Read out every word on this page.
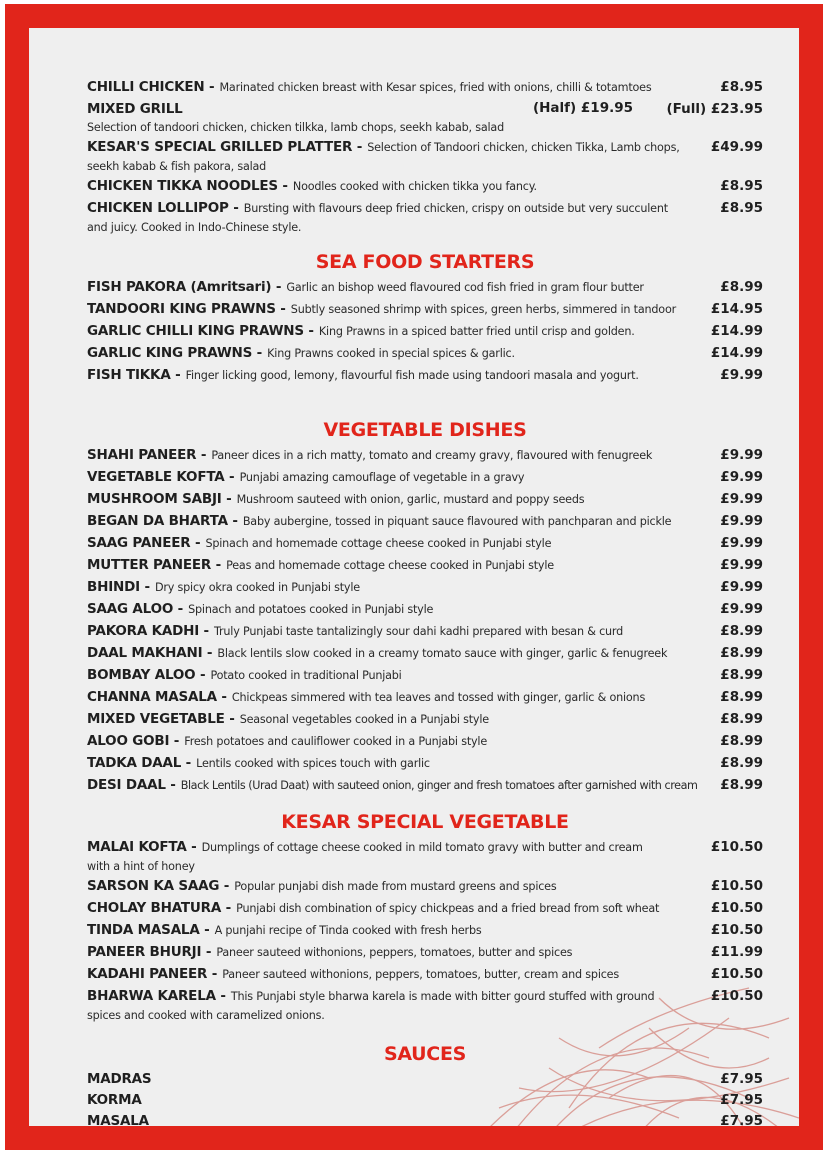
CHILLI CHICKEN - Marinated chicken breast with Kesar spices, fried with onions, chilli & totamtoes	£8.95
MIXED GRILL	(Half) £19.95 (Full) £23.95
Selection of tandoori chicken, chicken tilkka, lamb chops, seekh kabab, salad
KESAR'S SPECIAL GRILLED PLATTER - Selection of Tandoori chicken, chicken Tikka, Lamb chops,	£49.99
seekh kabab & fish pakora, salad
CHICKEN TIKKA NOODLES - Noodles cooked with chicken tikka you fancy.	£8.95
CHICKEN LOLLIPOP - Bursting with flavours deep fried chicken, crispy on outside but very succulent	£8.95
and juicy. Cooked in Indo-Chinese style.
SEA FOOD STARTERS
FISH PAKORA (Amritsari) - Garlic an bishop weed flavoured cod fish fried in gram flour butter	£8.99
TANDOORI KING PRAWNS - Subtly seasoned shrimp with spices, green herbs, simmered in tandoor	£14.95
GARLIC CHILLI KING PRAWNS - King Prawns in a spiced batter fried until crisp and golden.	£14.99
GARLIC KING PRAWNS - King Prawns cooked in special spices & garlic.	£14.99
FISH TIKKA - Finger licking good, lemony, flavourful fish made using tandoori masala and yogurt.	£9.99
VEGETABLE DISHES
SHAHI PANEER - Paneer dices in a rich matty, tomato and creamy gravy, flavoured with fenugreek	£9.99
VEGETABLE KOFTA - Punjabi amazing camouflage of vegetable in a gravy	£9.99
MUSHROOM SABJI - Mushroom sauteed with onion, garlic, mustard and poppy seeds	£9.99
BEGAN DA BHARTA - Baby aubergine, tossed in piquant sauce flavoured with panchparan and pickle	£9.99
SAAG PANEER - Spinach and homemade cottage cheese cooked in Punjabi style	£9.99
MUTTER PANEER - Peas and homemade cottage cheese cooked in Punjabi style	£9.99
BHINDI - Dry spicy okra cooked in Punjabi style	£9.99
SAAG ALOO - Spinach and potatoes cooked in Punjabi style	£9.99
PAKORA KADHI - Truly Punjabi taste tantalizingly sour dahi kadhi prepared with besan & curd	£8.99
DAAL MAKHANI - Black lentils slow cooked in a creamy tomato sauce with ginger, garlic & fenugreek	£8.99
BOMBAY ALOO - Potato cooked in traditional Punjabi	£8.99
CHANNA MASALA - Chickpeas simmered with tea leaves and tossed with ginger, garlic & onions	£8.99
MIXED VEGETABLE - Seasonal vegetables cooked in a Punjabi style	£8.99
ALOO GOBI - Fresh potatoes and cauliflower cooked in a Punjabi style	£8.99
TADKA DAAL - Lentils cooked with spices touch with garlic	£8.99
DESI DAAL - Black Lentils (Urad Daat) with sauteed onion, ginger and fresh tomatoes after garnished with cream	£8.99
KESAR SPECIAL VEGETABLE
MALAI KOFTA - Dumplings of cottage cheese cooked in mild tomato gravy with butter and cream	£10.50
with a hint of honey
SARSON KA SAAG - Popular punjabi dish made from mustard greens and spices	£10.50
CHOLAY BHATURA - Punjabi dish combination of spicy chickpeas and a fried bread from soft wheat	£10.50
TINDA MASALA - A punjahi recipe of Tinda cooked with fresh herbs	£10.50
PANEER BHURJI - Paneer sauteed withonions, peppers, tomatoes, butter and spices	£11.99
KADAHI PANEER - Paneer sauteed withonions, peppers, tomatoes, butter, cream and spices	£10.50
BHARWA KARELA - This Punjabi style bharwa karela is made with bitter gourd stuffed with ground	£10.50
spices and cooked with caramelized onions.
SAUCES
MADRAS	£7.95
KORMA	£7.95
MASALA	£7.95
